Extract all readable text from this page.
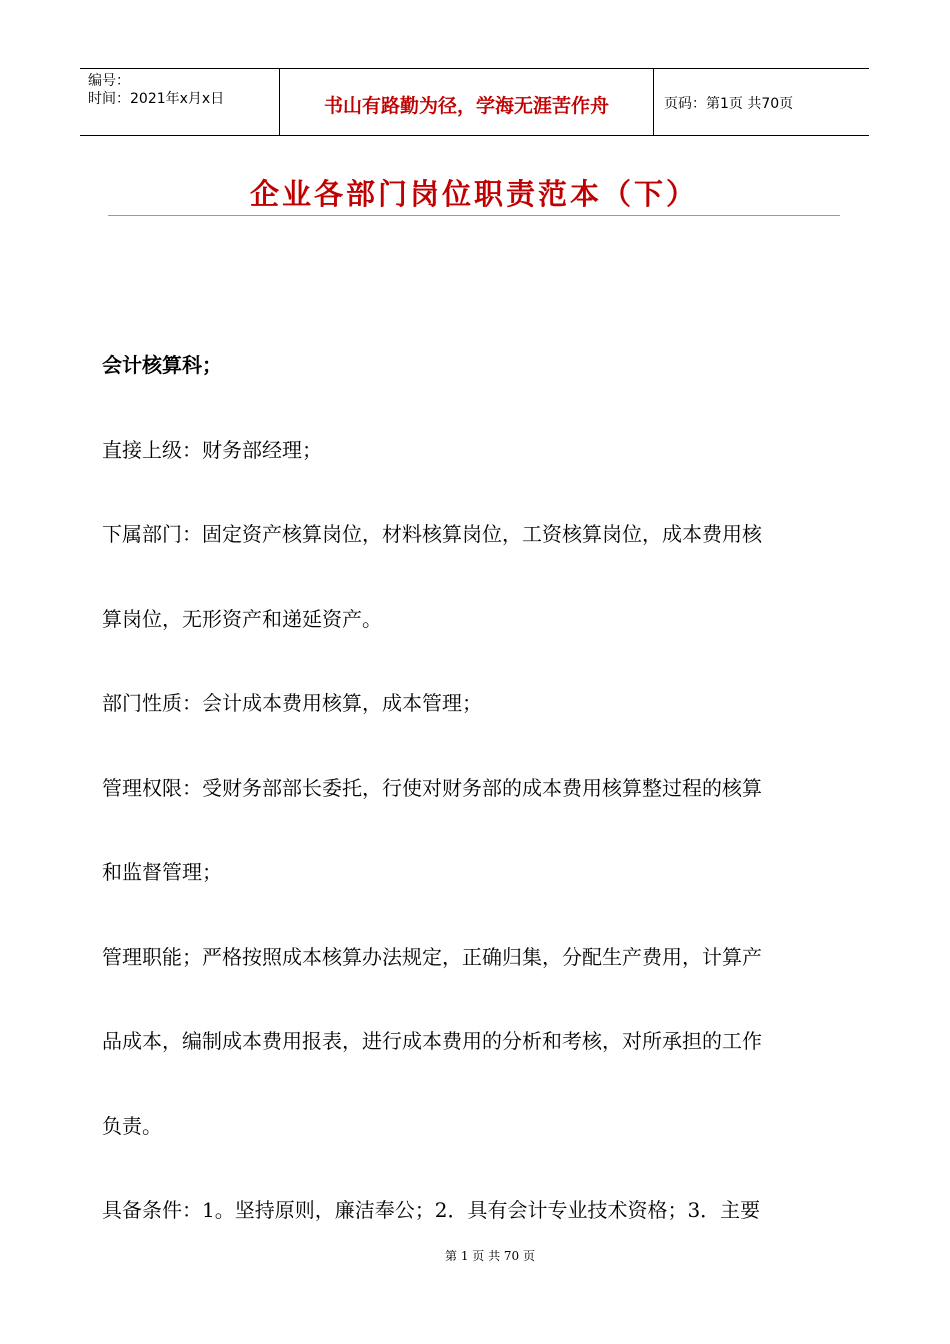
编号：
时间：2021年x月x日	书山有路勤为径，学海无涯苦作舟	页码：第1页 共70页
企业各部门岗位职责范本（下）

会计核算科；

直接上级：财务部经理；

下属部门：固定资产核算岗位，材料核算岗位，工资核算岗位，成本费用核

算岗位，无形资产和递延资产。

部门性质：会计成本费用核算，成本管理；

管理权限：受财务部部长委托，行使对财务部的成本费用核算整过程的核算

和监督管理；

管理职能；严格按照成本核算办法规定，正确归集，分配生产费用，计算产

品成本，编制成本费用报表，进行成本费用的分析和考核，对所承担的工作

负责。

具备条件：1。坚持原则，廉洁奉公；2．具有会计专业技术资格；3．主要

第 1 页 共 70 页
